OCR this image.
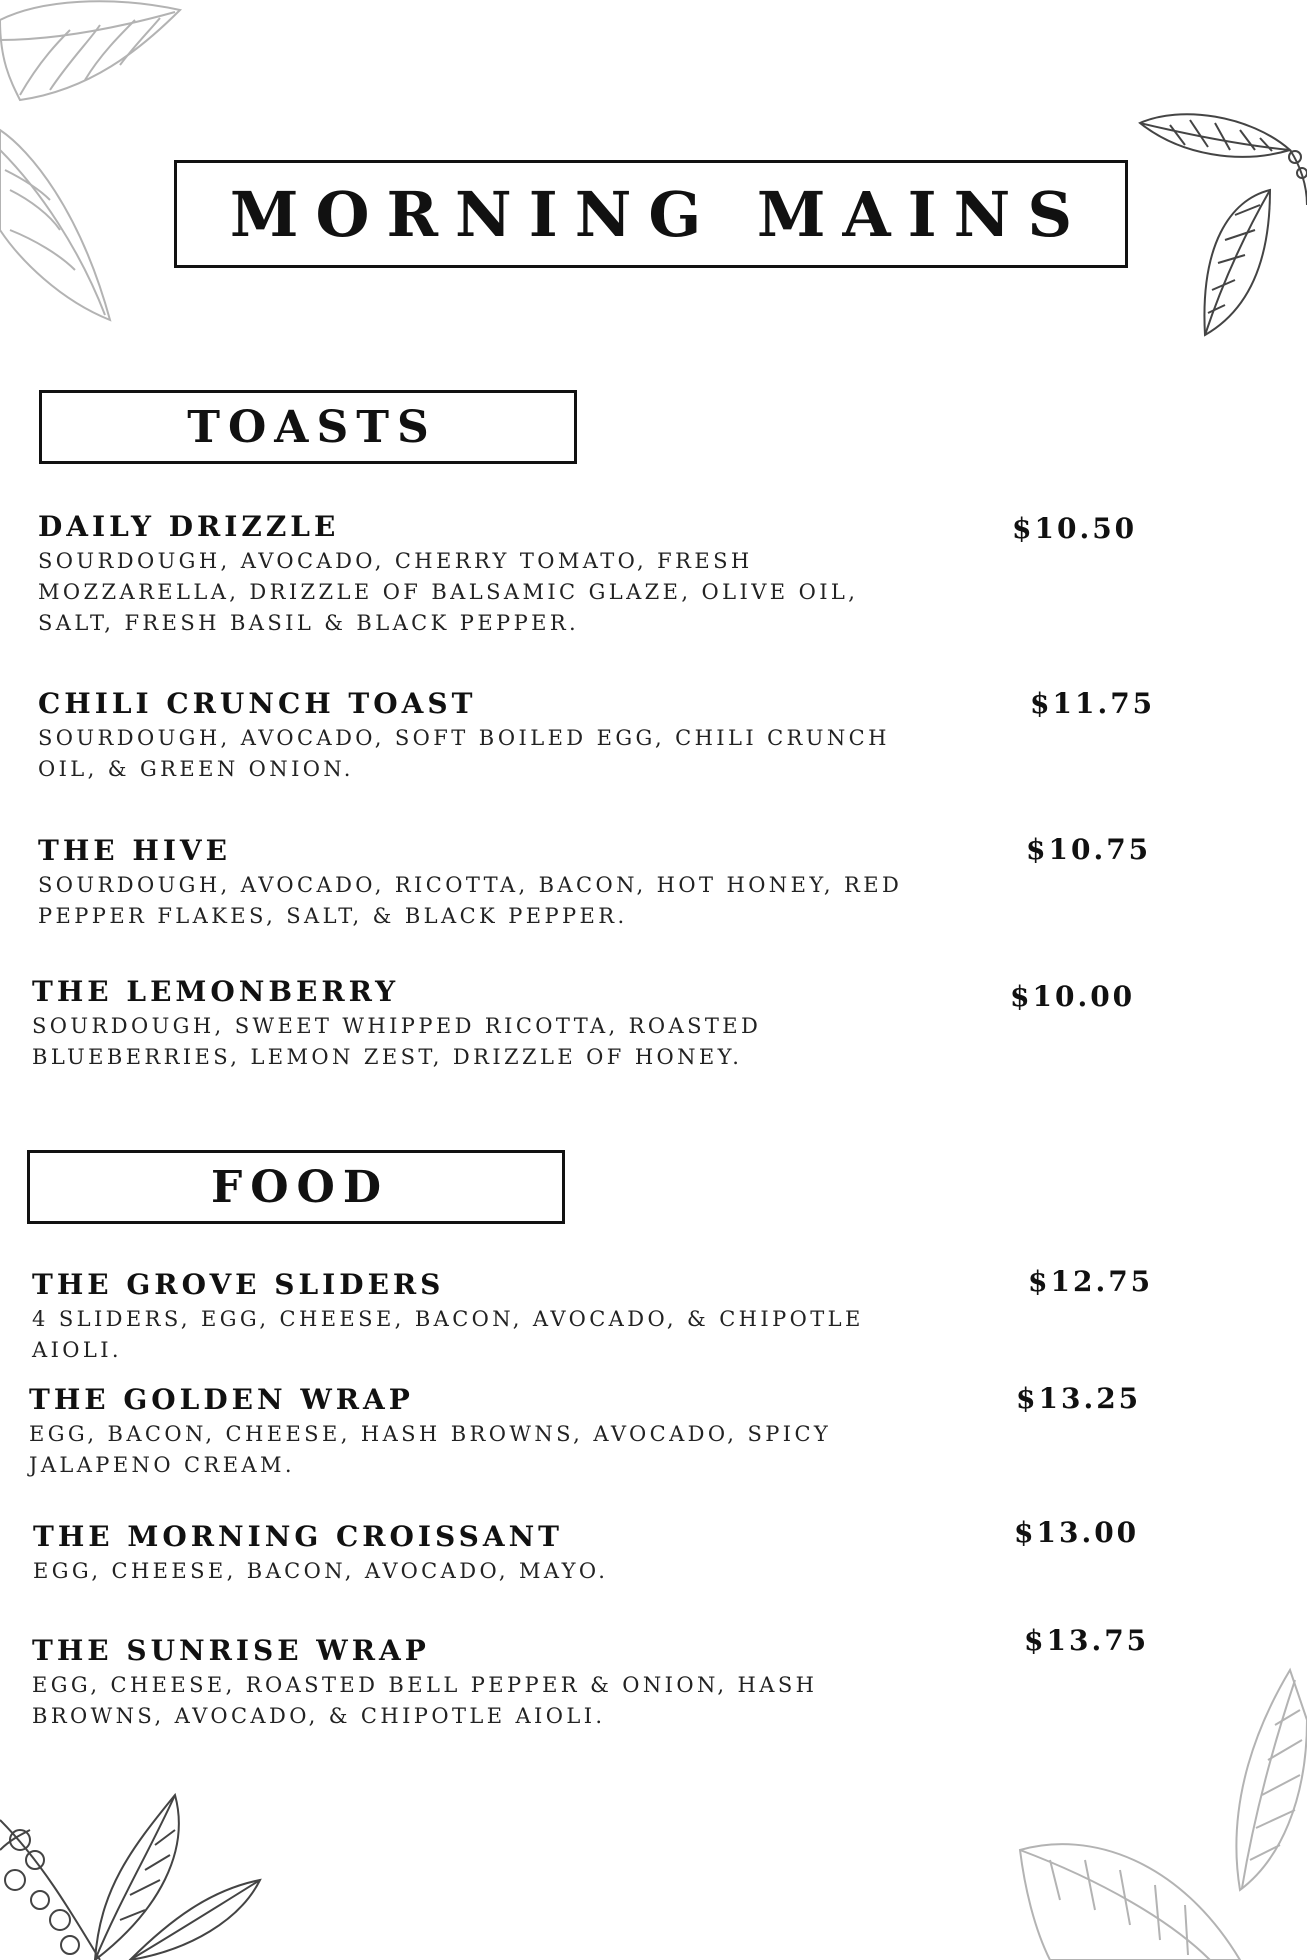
MORNING MAINS
TOASTS
DAILY DRIZZLE
SOURDOUGH, AVOCADO, CHERRY TOMATO, FRESH MOZZARELLA, DRIZZLE OF BALSAMIC GLAZE, OLIVE OIL, SALT, FRESH BASIL & BLACK PEPPER.
$10.50
CHILI CRUNCH TOAST
SOURDOUGH, AVOCADO, SOFT BOILED EGG, CHILI CRUNCH OIL, & GREEN ONION.
$11.75
THE HIVE
SOURDOUGH, AVOCADO, RICOTTA, BACON, HOT HONEY, RED PEPPER FLAKES, SALT, & BLACK PEPPER.
$10.75
THE LEMONBERRY
SOURDOUGH, SWEET WHIPPED RICOTTA, ROASTED BLUEBERRIES, LEMON ZEST, DRIZZLE OF HONEY.
$10.00
FOOD
THE GROVE SLIDERS
4 SLIDERS, EGG, CHEESE, BACON, AVOCADO, & CHIPOTLE AIOLI.
$12.75
THE GOLDEN WRAP
EGG, BACON, CHEESE, HASH BROWNS, AVOCADO, SPICY JALAPENO CREAM.
$13.25
THE MORNING CROISSANT
EGG, CHEESE, BACON, AVOCADO, MAYO.
$13.00
THE SUNRISE WRAP
EGG, CHEESE, ROASTED BELL PEPPER & ONION, HASH BROWNS, AVOCADO, & CHIPOTLE AIOLI.
$13.75
